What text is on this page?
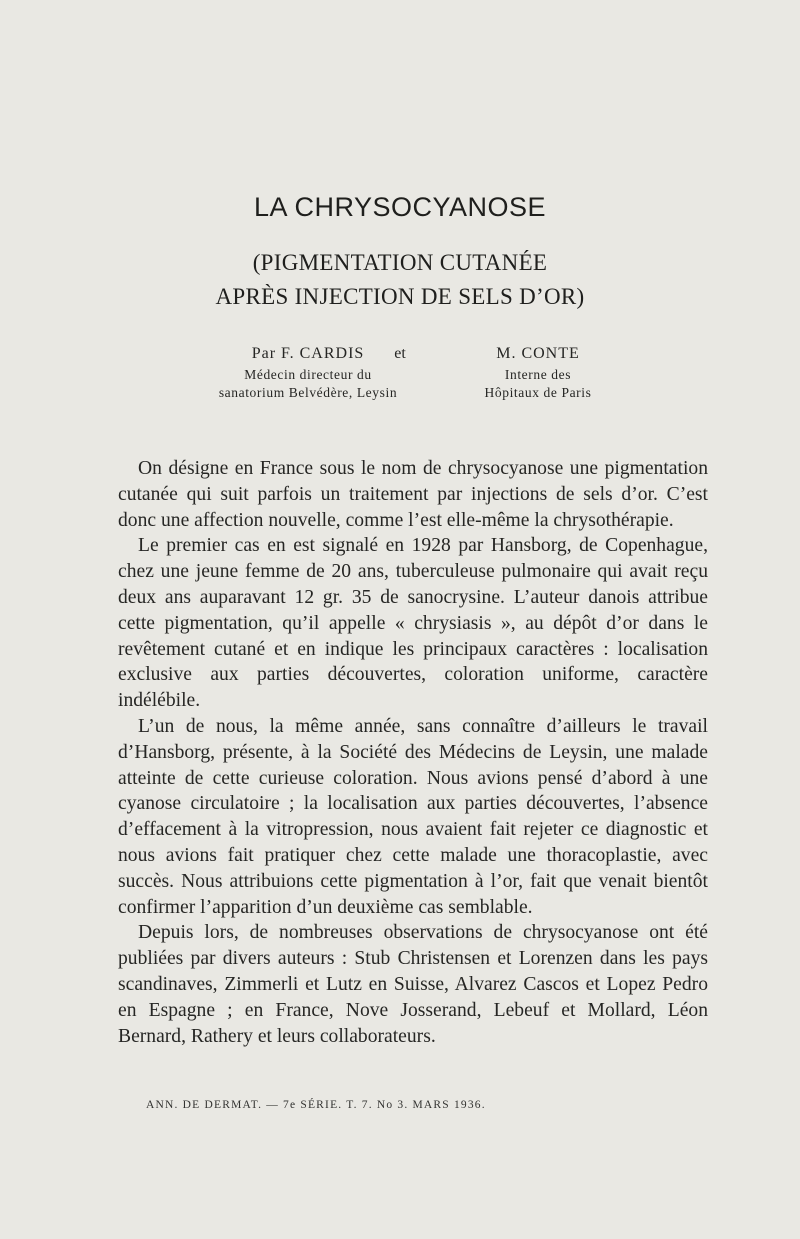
LA CHRYSOCYANOSE
(PIGMENTATION CUTANÉE
APRÈS INJECTION DE SELS D’OR)
Par F. CARDIS
Médecin directeur du
sanatorium Belvédère, Leysin
et	M. CONTE
Interne des
Hôpitaux de Paris

On désigne en France sous le nom de chrysocyanose une pigmentation cutanée qui suit parfois un traitement par injections de sels d’or. C’est donc une affection nouvelle, comme l’est elle-même la chrysothérapie.

Le premier cas en est signalé en 1928 par Hansborg, de Copenhague, chez une jeune femme de 20 ans, tuberculeuse pulmonaire qui avait reçu deux ans auparavant 12 gr. 35 de sanocrysine. L’auteur danois attribue cette pigmentation, qu’il appelle « chrysiasis », au dépôt d’or dans le revêtement cutané et en indique les principaux caractères : localisation exclusive aux parties découvertes, coloration uniforme, caractère indélébile.

L’un de nous, la même année, sans connaître d’ailleurs le travail d’Hansborg, présente, à la Société des Médecins de Leysin, une malade atteinte de cette curieuse coloration. Nous avions pensé d’abord à une cyanose circulatoire ; la localisation aux parties découvertes, l’absence d’effacement à la vitropression, nous avaient fait rejeter ce diagnostic et nous avions fait pratiquer chez cette malade une thoracoplastie, avec succès. Nous attribuions cette pigmentation à l’or, fait que venait bientôt confirmer l’apparition d’un deuxième cas semblable.

Depuis lors, de nombreuses observations de chrysocyanose ont été publiées par divers auteurs : Stub Christensen et Lorenzen dans les pays scandinaves, Zimmerli et Lutz en Suisse, Alvarez Cascos et Lopez Pedro en Espagne ; en France, Nove Josserand, Lebeuf et Mollard, Léon Bernard, Rathery et leurs collaborateurs.

ANN. DE DERMAT. — 7e SÉRIE. T. 7. No 3. MARS 1936.
